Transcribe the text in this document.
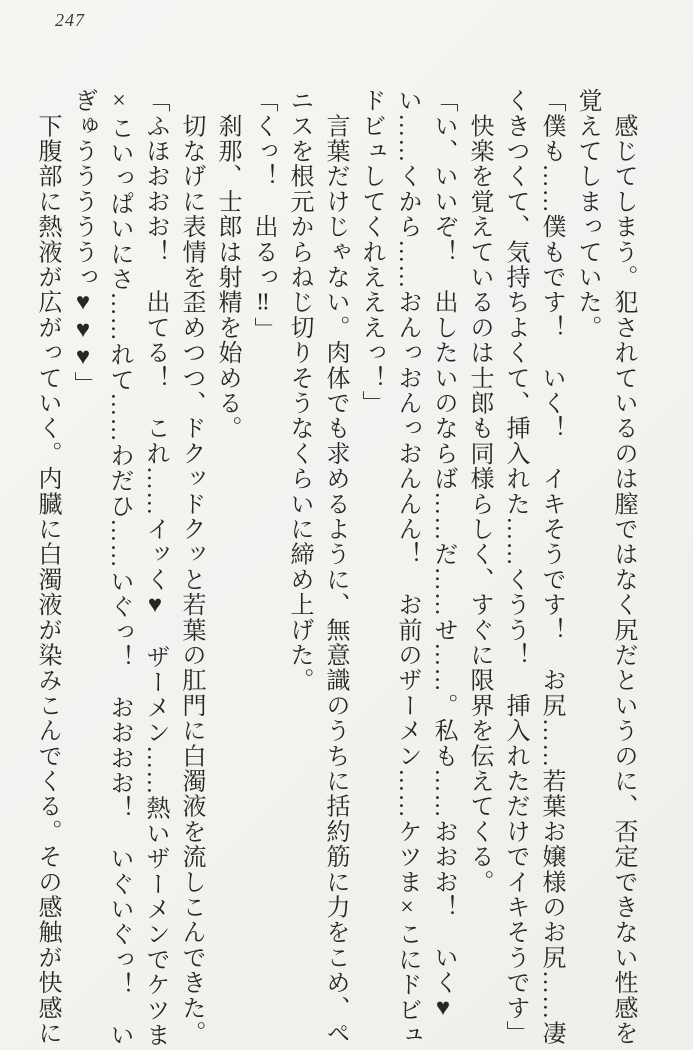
247
　感じてしまう。犯されているのは膣ではなく尻だというのに、否定できない性感を
覚えてしまっていた。
「僕も……僕もです！　いく！　イキそうです！　お尻……若葉お嬢様のお尻……凄
くきつくて、気持ちよくて、挿入れた……くうう！　挿入れただけでイキそうです」
　快楽を覚えているのは士郎も同様らしく、すぐに限界を伝えてくる。
「い、いいぞ！　出したいのならば……だ……せ……。私も……おおお！　いく♥
い……くから……おんっおんっおんんん！　お前のザーメン……ケツま×こにドビュ
ドビュしてくれえええっ！」
　言葉だけじゃない。肉体でも求めるように、無意識のうちに括約筋に力をこめ、ペ
ニスを根元からねじ切りそうなくらいに締め上げた。
「くっ！　出るっ‼」
　刹那、士郎は射精を始める。
　切なげに表情を歪めつつ、ドクッドクッと若葉の肛門に白濁液を流しこんできた。
「ふほおおお！　出てる！　これ……イッく♥　ザーメン……熱いザーメンでケツま
×こいっぱいにさ……れて……わだひ……いぐっ！　おおおお！　いぐいぐっ！　い
ぎゅうううううっ♥♥♥」
　下腹部に熱液が広がっていく。内臓に白濁液が染みこんでくる。その感触が快感に
